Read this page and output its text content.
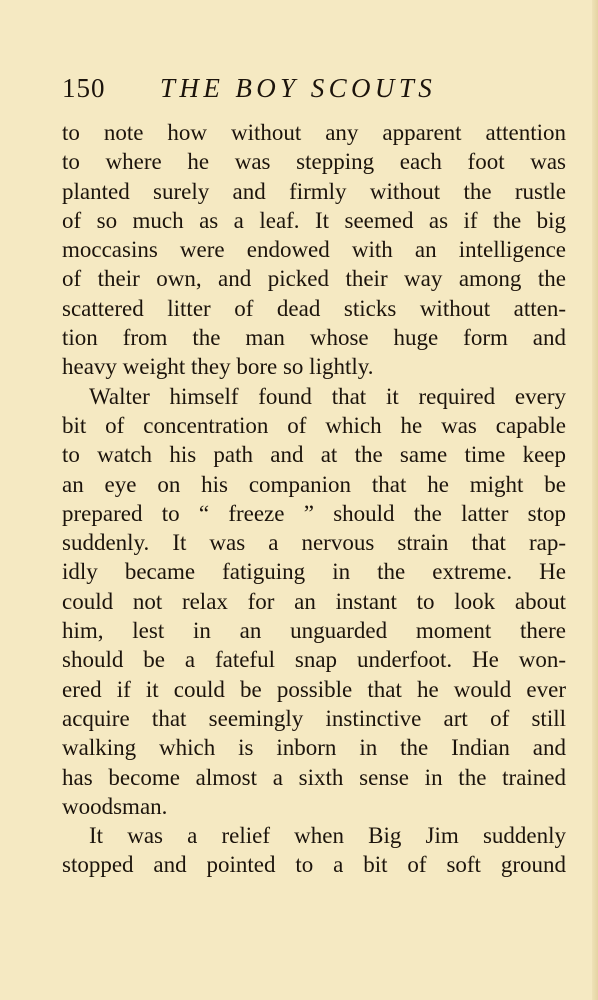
150 THE BOY SCOUTS
to note how without any apparent attention
to where he was stepping each foot was
planted surely and firmly without the rustle
of so much as a leaf. It seemed as if the big
moccasins were endowed with an intelligence
of their own, and picked their way among the
scattered litter of dead sticks without atten-
tion from the man whose huge form and
heavy weight they bore so lightly.
Walter himself found that it required every
bit of concentration of which he was capable
to watch his path and at the same time keep
an eye on his companion that he might be
prepared to “ freeze ” should the latter stop
suddenly. It was a nervous strain that rap-
idly became fatiguing in the extreme. He
could not relax for an instant to look about
him, lest in an unguarded moment there
should be a fateful snap underfoot. He won-
ered if it could be possible that he would ever
acquire that seemingly instinctive art of still
walking which is inborn in the Indian and
has become almost a sixth sense in the trained
woodsman.
It was a relief when Big Jim suddenly
stopped and pointed to a bit of soft ground
